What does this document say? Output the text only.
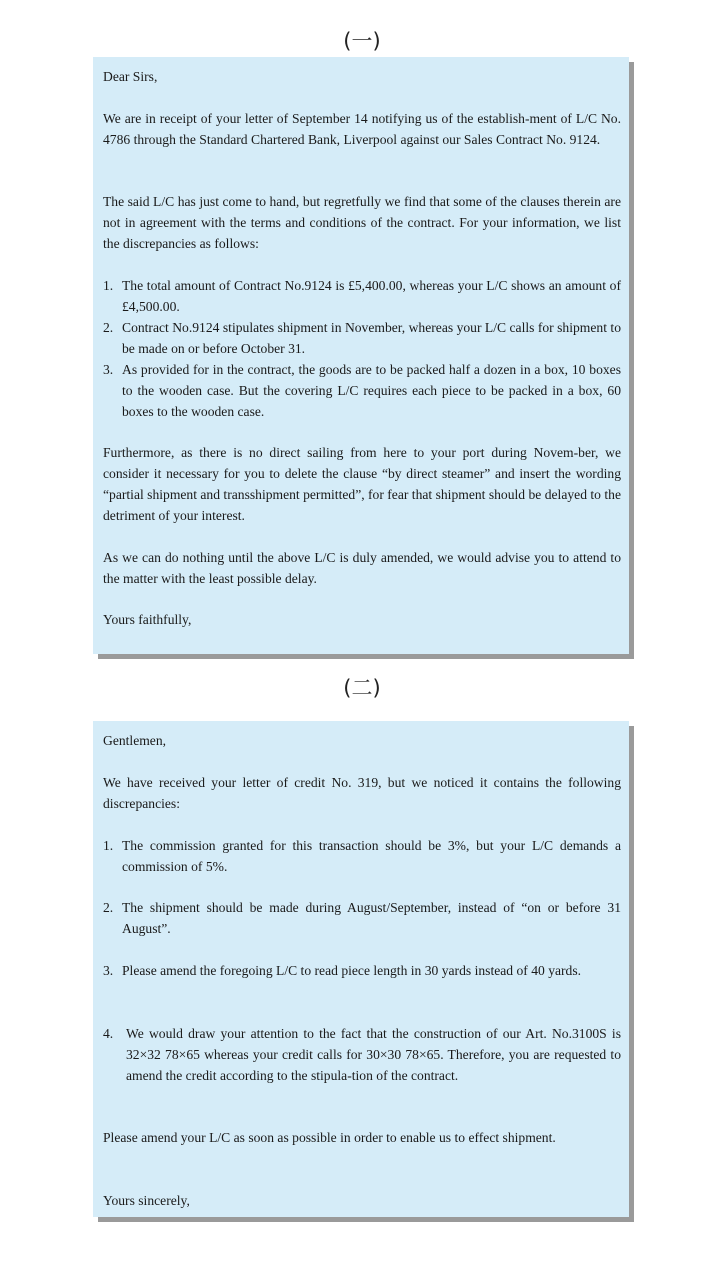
(一)

Dear Sirs,

We are in receipt of your letter of September 14 notifying us of the establish-ment of L/C No. 4786 through the Standard Chartered Bank, Liverpool against our Sales Contract No. 9124.

The said L/C has just come to hand, but regretfully we find that some of the clauses therein are not in agreement with the terms and conditions of the contract. For your information, we list the discrepancies as follows:

1. The total amount of Contract No.9124 is £5,400.00, whereas your L/C shows an amount of £4,500.00.

2. Contract No.9124 stipulates shipment in November, whereas your L/C calls for shipment to be made on or before October 31.

3. As provided for in the contract, the goods are to be packed half a dozen in a box, 10 boxes to the wooden case. But the covering L/C requires each piece to be packed in a box, 60 boxes to the wooden case.

Furthermore, as there is no direct sailing from here to your port during Novem-ber, we consider it necessary for you to delete the clause “by direct steamer” and insert the wording “partial shipment and transshipment permitted”, for fear that shipment should be delayed to the detriment of your interest.

As we can do nothing until the above L/C is duly amended, we would advise you to attend to the matter with the least possible delay.

Yours faithfully,

(二)

Gentlemen,

We have received your letter of credit No. 319, but we noticed it contains the following discrepancies:

1. The commission granted for this transaction should be 3%, but your L/C demands a commission of 5%.

2. The shipment should be made during August/September, instead of “on or before 31 August”.

3. Please amend the foregoing L/C to read piece length in 30 yards instead of 40 yards.

4. We would draw your attention to the fact that the construction of our Art. No.3100S is 32×32 78×65 whereas your credit calls for 30×30 78×65. Therefore, you are requested to amend the credit according to the stipula-tion of the contract.

Please amend your L/C as soon as possible in order to enable us to effect shipment.

Yours sincerely,
